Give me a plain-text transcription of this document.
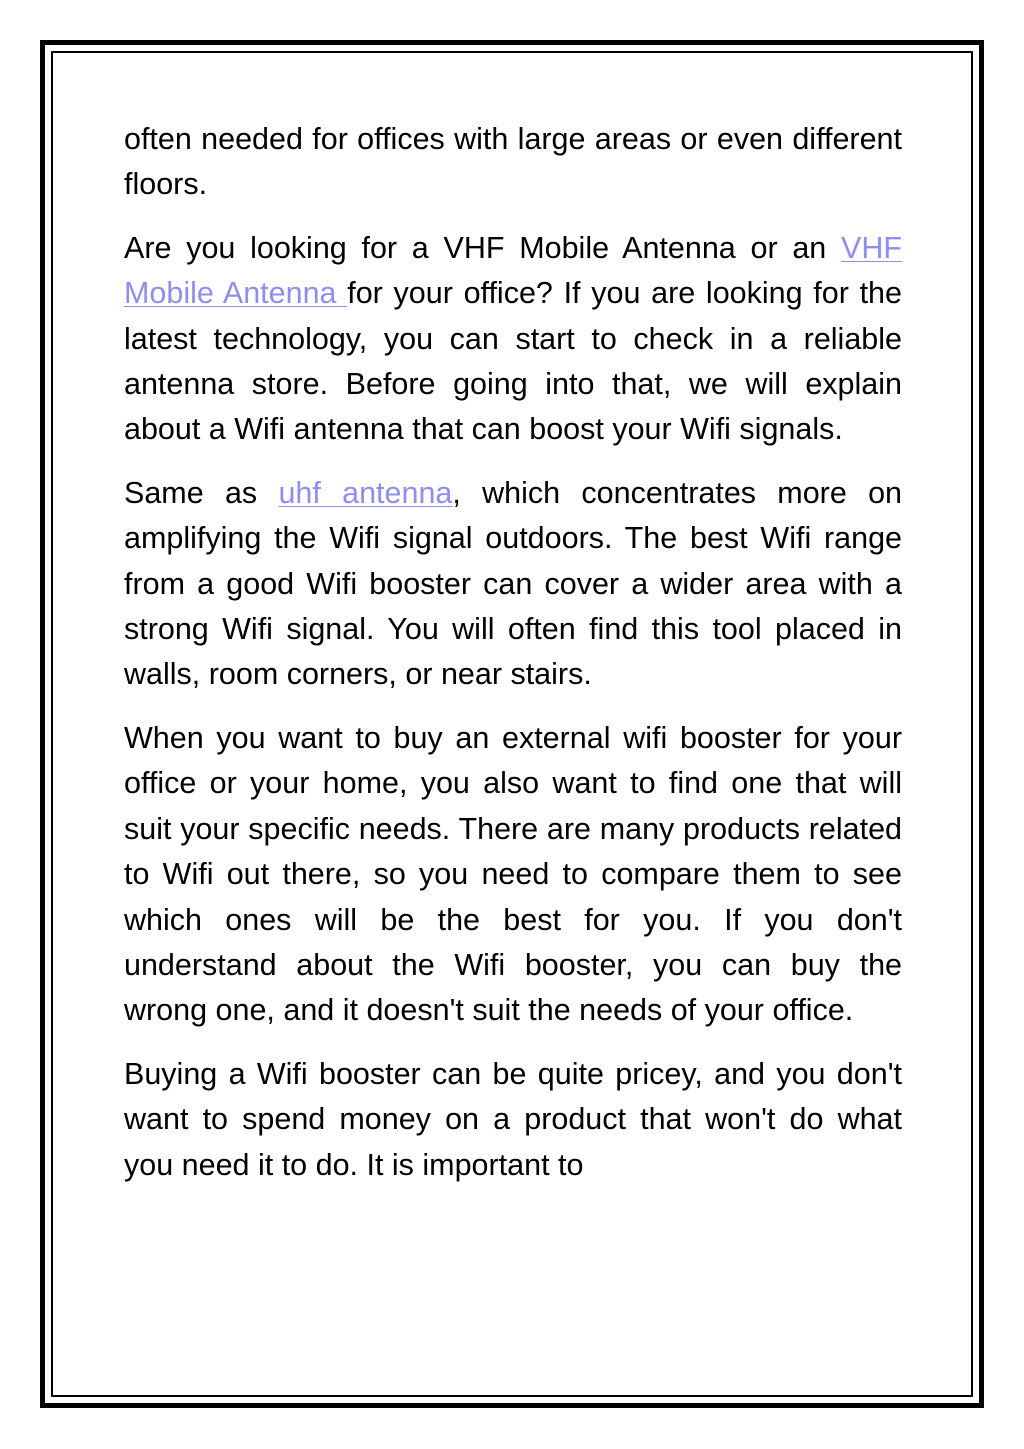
often needed for offices with large areas or even different floors.

Are you looking for a VHF Mobile Antenna or an VHF Mobile Antenna for your office? If you are looking for the latest technology, you can start to check in a reliable antenna store. Before going into that, we will explain about a Wifi antenna that can boost your Wifi signals.

Same as uhf antenna, which concentrates more on amplifying the Wifi signal outdoors. The best Wifi range from a good Wifi booster can cover a wider area with a strong Wifi signal. You will often find this tool placed in walls, room corners, or near stairs.

When you want to buy an external wifi booster for your office or your home, you also want to find one that will suit your specific needs. There are many products related to Wifi out there, so you need to compare them to see which ones will be the best for you. If you don't understand about the Wifi booster, you can buy the wrong one, and it doesn't suit the needs of your office.

Buying a Wifi booster can be quite pricey, and you don't want to spend money on a product that won't do what you need it to do. It is important to
